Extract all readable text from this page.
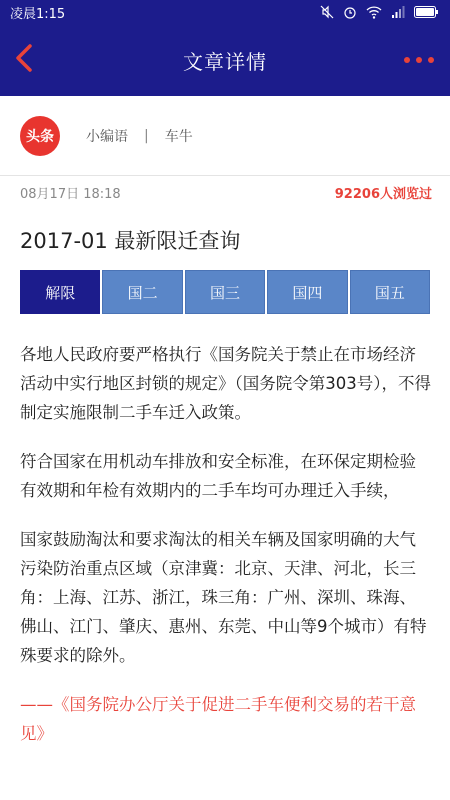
凌晨1:15
文章详情
头条	小编语 | 车牛
08月17日 18:18	92206人浏览过
2017-01 最新限迁查询
解限	国二	国三	国四	国五

各地人民政府要严格执行《国务院关于禁止在市场经济活动中实行地区封锁的规定》（国务院令第303号），不得制定实施限制二手车迁入政策。

符合国家在用机动车排放和安全标准，在环保定期检验有效期和年检有效期内的二手车均可办理迁入手续，

国家鼓励淘汰和要求淘汰的相关车辆及国家明确的大气污染防治重点区域（京津冀：北京、天津、河北，长三角：上海、江苏、浙江，珠三角：广州、深圳、珠海、佛山、江门、肇庆、惠州、东莞、中山等9个城市）有特殊要求的除外。

——《国务院办公厅关于促进二手车便利交易的若干意见》
